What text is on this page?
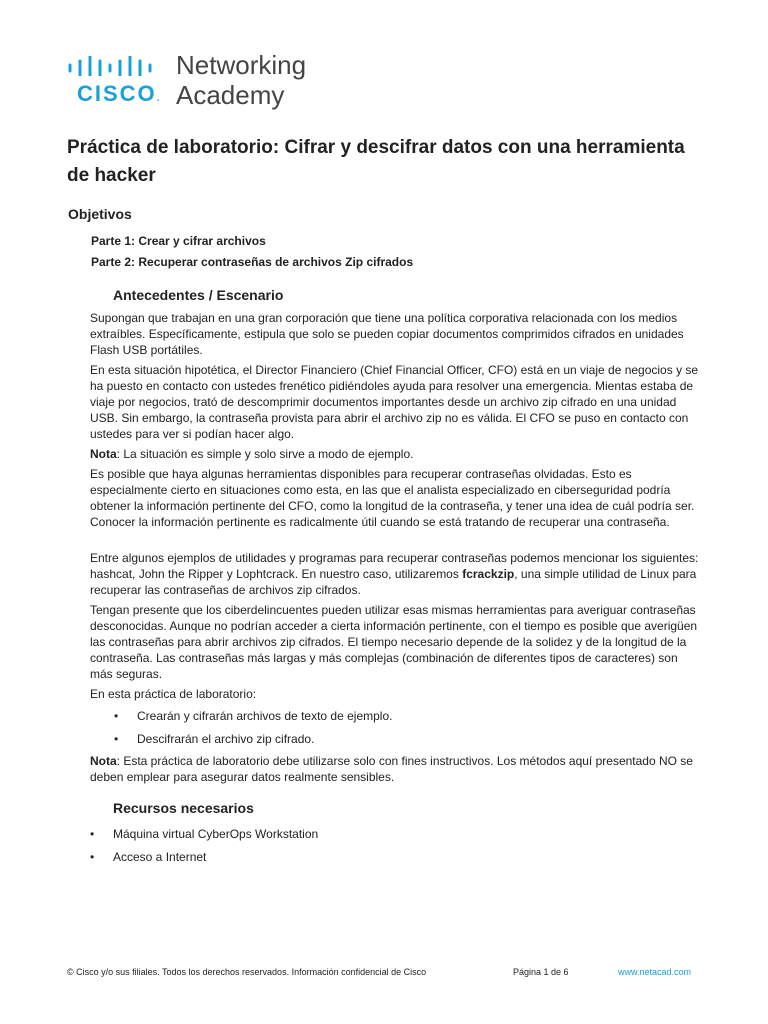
CISCO.
Networking
Academy
Práctica de laboratorio: Cifrar y descifrar datos con una herramienta de hacker
Objetivos
Parte 1: Crear y cifrar archivos
Parte 2: Recuperar contraseñas de archivos Zip cifrados
Antecedentes / Escenario

Supongan que trabajan en una gran corporación que tiene una política corporativa relacionada con los medios extraíbles. Específicamente, estipula que solo se pueden copiar documentos comprimidos cifrados en unidades Flash USB portátiles.

En esta situación hipotética, el Director Financiero (Chief Financial Officer, CFO) está en un viaje de negocios y se ha puesto en contacto con ustedes frenético pidiéndoles ayuda para resolver una emergencia. Mientas estaba de viaje por negocios, trató de descomprimir documentos importantes desde un archivo zip cifrado en una unidad USB. Sin embargo, la contraseña provista para abrir el archivo zip no es válida. El CFO se puso en contacto con ustedes para ver si podían hacer algo.

Nota: La situación es simple y solo sirve a modo de ejemplo.

Es posible que haya algunas herramientas disponibles para recuperar contraseñas olvidadas. Esto es especialmente cierto en situaciones como esta, en las que el analista especializado en ciberseguridad podría obtener la información pertinente del CFO, como la longitud de la contraseña, y tener una idea de cuál podría ser. Conocer la información pertinente es radicalmente útil cuando se está tratando de recuperar una contraseña.

Entre algunos ejemplos de utilidades y programas para recuperar contraseñas podemos mencionar los siguientes: hashcat, John the Ripper y Lophtcrack. En nuestro caso, utilizaremos fcrackzip, una simple utilidad de Linux para recuperar las contraseñas de archivos zip cifrados.

Tengan presente que los ciberdelincuentes pueden utilizar esas mismas herramientas para averiguar contraseñas desconocidas. Aunque no podrían acceder a cierta información pertinente, con el tiempo es posible que averigüen las contraseñas para abrir archivos zip cifrados. El tiempo necesario depende de la solidez y de la longitud de la contraseña. Las contraseñas más largas y más complejas (combinación de diferentes tipos de caracteres) son más seguras.

En esta práctica de laboratorio:

• Crearán y cifrarán archivos de texto de ejemplo.
• Descifrarán el archivo zip cifrado.

Nota: Esta práctica de laboratorio debe utilizarse solo con fines instructivos. Los métodos aquí presentado NO se deben emplear para asegurar datos realmente sensibles.

Recursos necesarios
• Máquina virtual CyberOps Workstation
• Acceso a Internet
© Cisco y/o sus filiales. Todos los derechos reservados. Información confidencial de Cisco	Página 1 de 6	www.netacad.com
